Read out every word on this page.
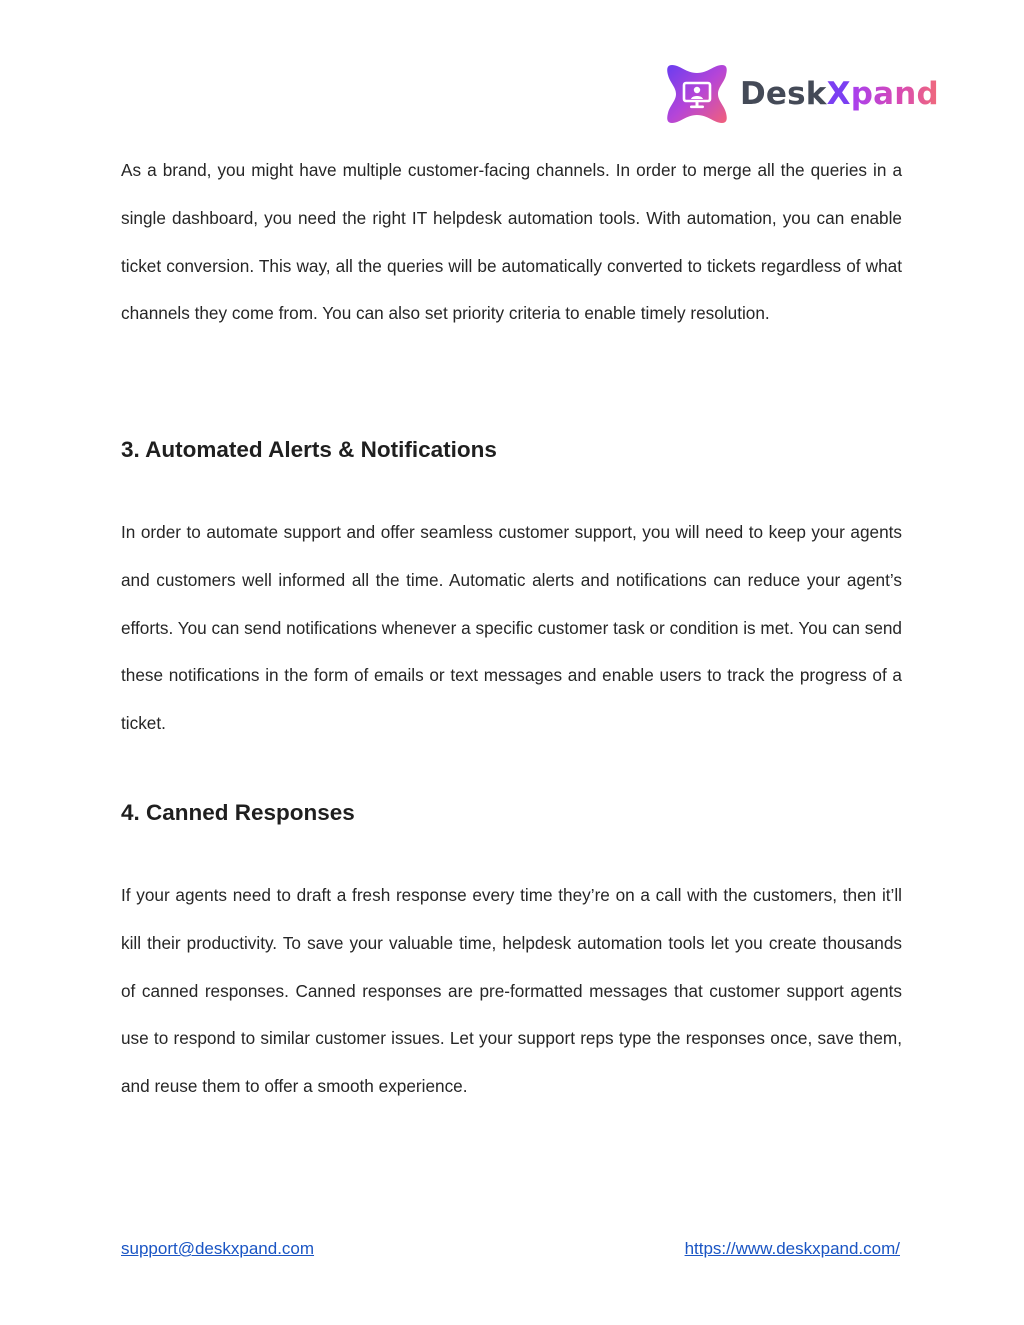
DeskXpand

As a brand, you might have multiple customer-facing channels. In order to merge all the queries in a single dashboard, you need the right IT helpdesk automation tools. With automation, you can enable ticket conversion. This way, all the queries will be automatically converted to tickets regardless of what channels they come from. You can also set priority criteria to enable timely resolution.

3. Automated Alerts & Notifications

In order to automate support and offer seamless customer support, you will need to keep your agents and customers well informed all the time. Automatic alerts and notifications can reduce your agent’s efforts. You can send notifications whenever a specific customer task or condition is met. You can send these notifications in the form of emails or text messages and enable users to track the progress of a ticket.

4. Canned Responses

If your agents need to draft a fresh response every time they’re on a call with the customers, then it’ll kill their productivity. To save your valuable time, helpdesk automation tools let you create thousands of canned responses. Canned responses are pre-formatted messages that customer support agents use to respond to similar customer issues. Let your support reps type the responses once, save them, and reuse them to offer a smooth experience.

support@deskxpand.com	https://www.deskxpand.com/
